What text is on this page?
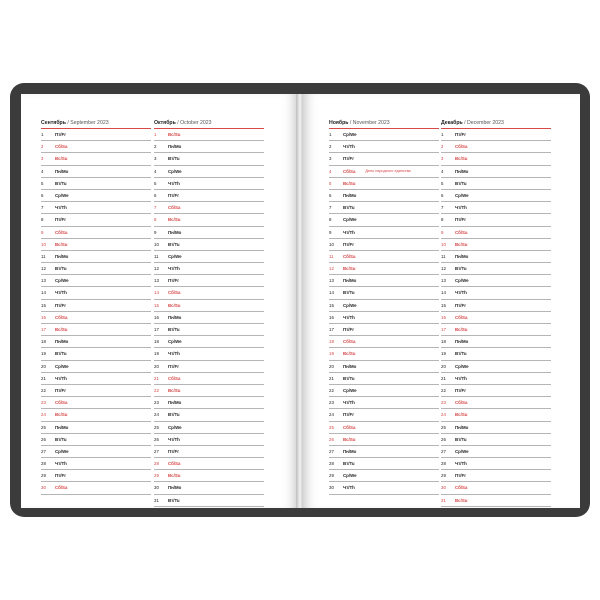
Сентябрь / September 2023
1	Пт/Fr
2	Сб/Sa
3	Вс/Su
4	Пн/Mo
5	Вт/Tu
6	Ср/We
7	Чт/Th
8	Пт/Fr
9	Сб/Sa
10	Вс/Su
11	Пн/Mo
12	Вт/Tu
13	Ср/We
14	Чт/Th
15	Пт/Fr
16	Сб/Sa
17	Вс/Su
18	Пн/Mo
19	Вт/Tu
20	Ср/We
21	Чт/Th
22	Пт/Fr
23	Сб/Sa
24	Вс/Su
25	Пн/Mo
26	Вт/Tu
27	Ср/We
28	Чт/Th
29	Пт/Fr
30	Сб/Sa
Октябрь / October 2023
1	Вс/Su
2	Пн/Mo
3	Вт/Tu
4	Ср/We
5	Чт/Th
6	Пт/Fr
7	Сб/Sa
8	Вс/Su
9	Пн/Mo
10	Вт/Tu
11	Ср/We
12	Чт/Th
13	Пт/Fr
14	Сб/Sa
15	Вс/Su
16	Пн/Mo
17	Вт/Tu
18	Ср/We
19	Чт/Th
20	Пт/Fr
21	Сб/Sa
22	Вс/Su
23	Пн/Mo
24	Вт/Tu
25	Ср/We
26	Чт/Th
27	Пт/Fr
28	Сб/Sa
29	Вс/Su
30	Пн/Mo
31	Вт/Tu
Ноябрь / November 2023
1	Ср/We
2	Чт/Th
3	Пт/Fr
4	Сб/Sa	День народного единства
5	Вс/Su
6	Пн/Mo
7	Вт/Tu
8	Ср/We
9	Чт/Th
10	Пт/Fr
11	Сб/Sa
12	Вс/Su
13	Пн/Mo
14	Вт/Tu
15	Ср/We
16	Чт/Th
17	Пт/Fr
18	Сб/Sa
19	Вс/Su
20	Пн/Mo
21	Вт/Tu
22	Ср/We
23	Чт/Th
24	Пт/Fr
25	Сб/Sa
26	Вс/Su
27	Пн/Mo
28	Вт/Tu
29	Ср/We
30	Чт/Th
Декабрь / December 2023
1	Пт/Fr
2	Сб/Sa
3	Вс/Su
4	Пн/Mo
5	Вт/Tu
6	Ср/We
7	Чт/Th
8	Пт/Fr
9	Сб/Sa
10	Вс/Su
11	Пн/Mo
12	Вт/Tu
13	Ср/We
14	Чт/Th
15	Пт/Fr
16	Сб/Sa
17	Вс/Su
18	Пн/Mo
19	Вт/Tu
20	Ср/We
21	Чт/Th
22	Пт/Fr
23	Сб/Sa
24	Вс/Su
25	Пн/Mo
26	Вт/Tu
27	Ср/We
28	Чт/Th
29	Пт/Fr
30	Сб/Sa
31	Вс/Su
